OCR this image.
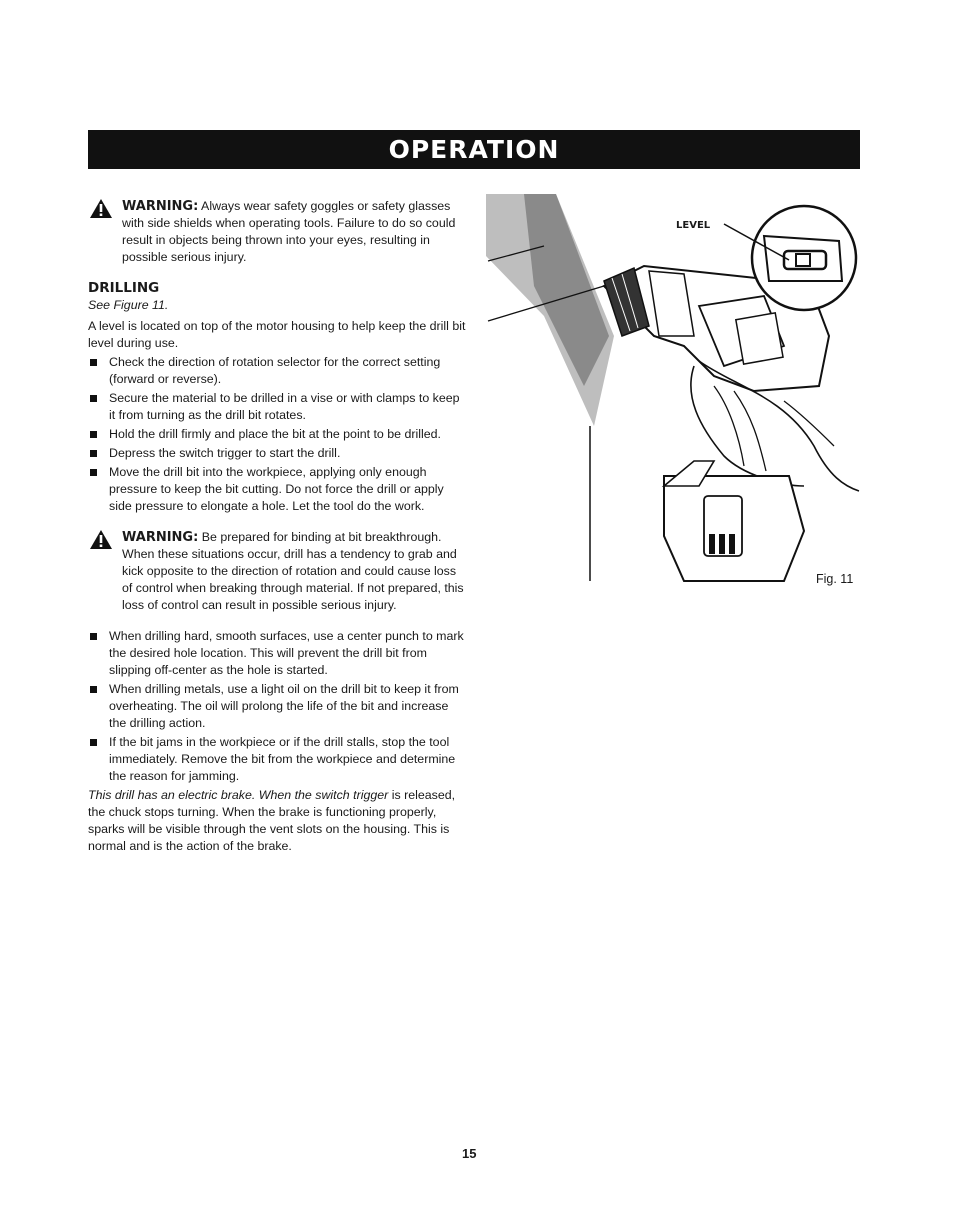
OPERATION
WARNING: Always wear safety goggles or safety glasses with side shields when operating tools. Failure to do so could result in objects being thrown into your eyes, resulting in possible serious injury.
DRILLING
See Figure 11.

A level is located on top of the motor housing to help keep the drill bit level during use.

Check the direction of rotation selector for the correct setting (forward or reverse).
Secure the material to be drilled in a vise or with clamps to keep it from turning as the drill bit rotates.
Hold the drill firmly and place the bit at the point to be drilled.
Depress the switch trigger to start the drill.
Move the drill bit into the workpiece, applying only enough pressure to keep the bit cutting. Do not force the drill or apply side pressure to elongate a hole. Let the tool do the work.
WARNING: Be prepared for binding at bit breakthrough. When these situations occur, drill has a tendency to grab and kick opposite to the direction of rotation and could cause loss of control when breaking through material. If not prepared, this loss of control can result in possible serious injury.
When drilling hard, smooth surfaces, use a center punch to mark the desired hole location. This will prevent the drill bit from slipping off-center as the hole is started.
When drilling metals, use a light oil on the drill bit to keep it from overheating. The oil will prolong the life of the bit and increase the drilling action.
If the bit jams in the workpiece or if the drill stalls, stop the tool immediately. Remove the bit from the workpiece and determine the reason for jamming.

This drill has an electric brake. When the switch trigger is released, the chuck stops turning. When the brake is functioning properly, sparks will be visible through the vent slots on the housing. This is normal and is the action of the brake.

LEVEL
Fig. 11
15
